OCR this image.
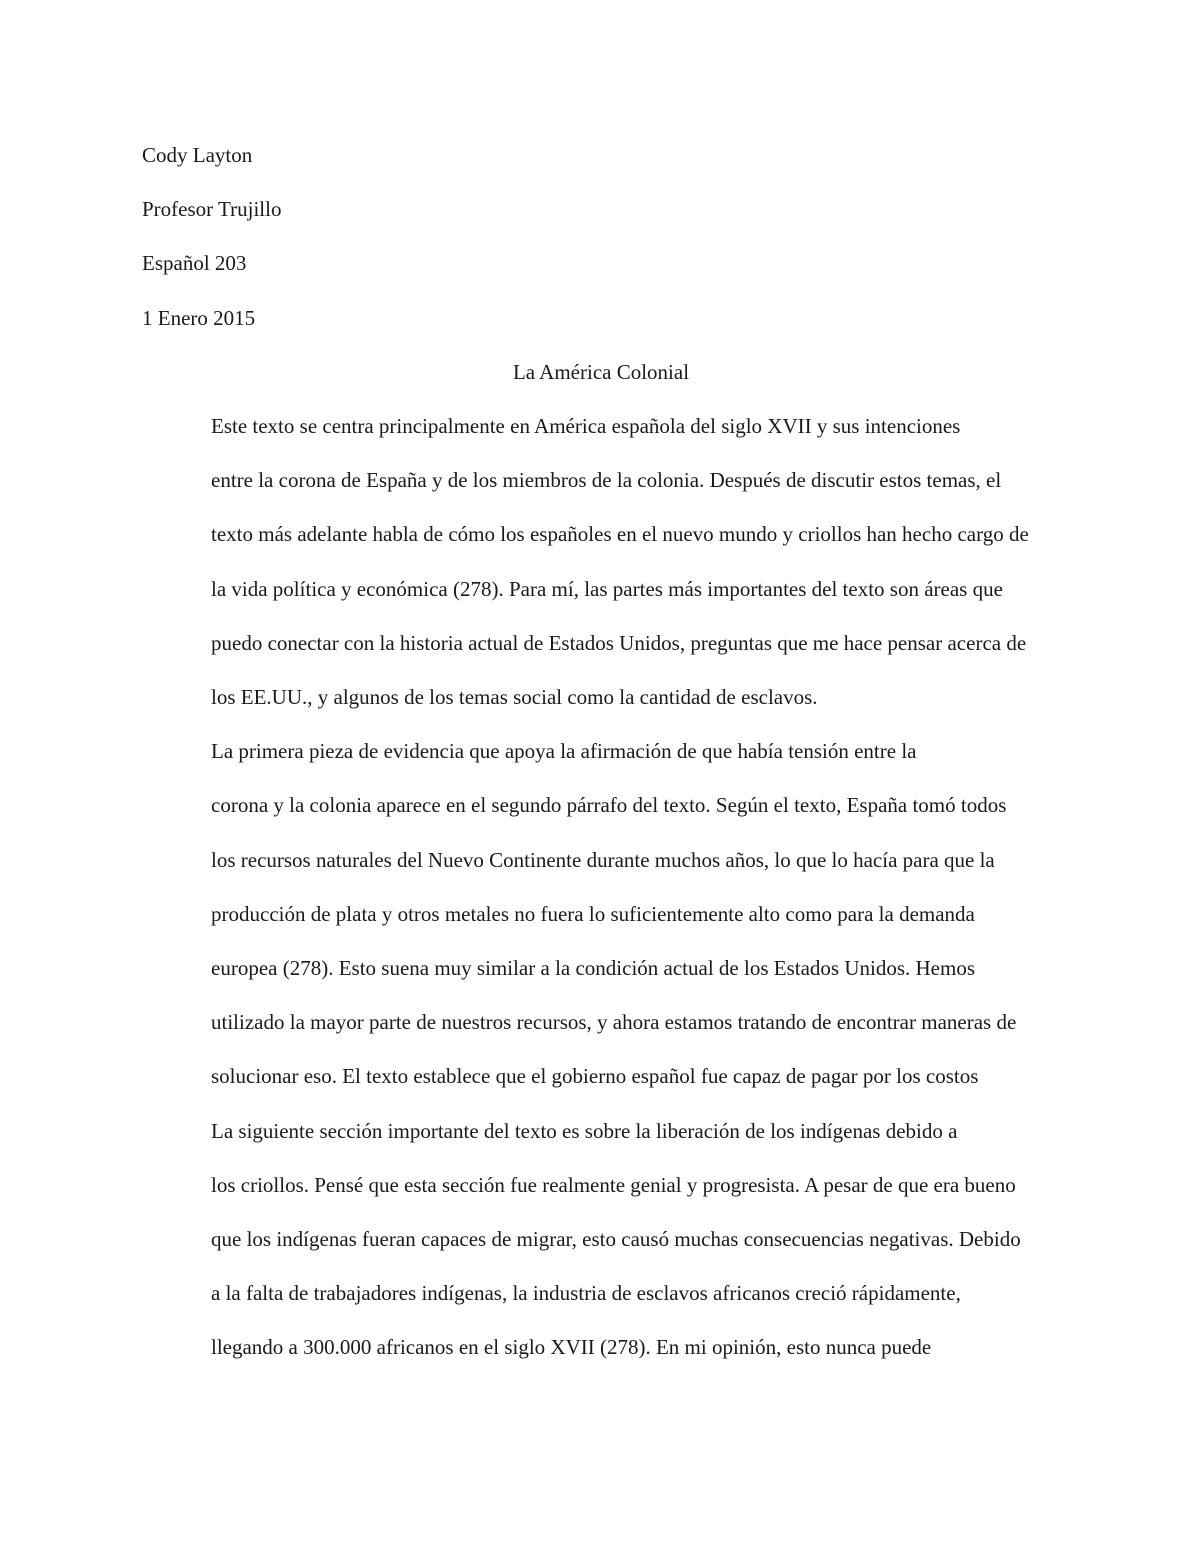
Cody Layton

Profesor Trujillo

Español 203

1 Enero 2015

La América Colonial

Este texto se centra principalmente en América española del siglo XVII y sus intenciones
entre la corona de España y de los miembros de la colonia. Después de discutir estos temas, el
texto más adelante habla de cómo los españoles en el nuevo mundo y criollos han hecho cargo de
la vida política y económica (278). Para mí, las partes más importantes del texto son áreas que
puedo conectar con la historia actual de Estados Unidos, preguntas que me hace pensar acerca de
los EE.UU., y algunos de los temas social como la cantidad de esclavos.

La primera pieza de evidencia que apoya la afirmación de que había tensión entre la
corona y la colonia aparece en el segundo párrafo del texto. Según el texto, España tomó todos
los recursos naturales del Nuevo Continente durante muchos años, lo que lo hacía para que la
producción de plata y otros metales no fuera lo suficientemente alto como para la demanda
europea (278). Esto suena muy similar a la condición actual de los Estados Unidos. Hemos
utilizado la mayor parte de nuestros recursos, y ahora estamos tratando de encontrar maneras de
solucionar eso. El texto establece que el gobierno español fue capaz de pagar por los costos

La siguiente sección importante del texto es sobre la liberación de los indígenas debido a
los criollos. Pensé que esta sección fue realmente genial y progresista. A pesar de que era bueno
que los indígenas fueran capaces de migrar, esto causó muchas consecuencias negativas. Debido
a la falta de trabajadores indígenas, la industria de esclavos africanos creció rápidamente,
llegando a 300.000 africanos en el siglo XVII (278). En mi opinión, esto nunca puede
